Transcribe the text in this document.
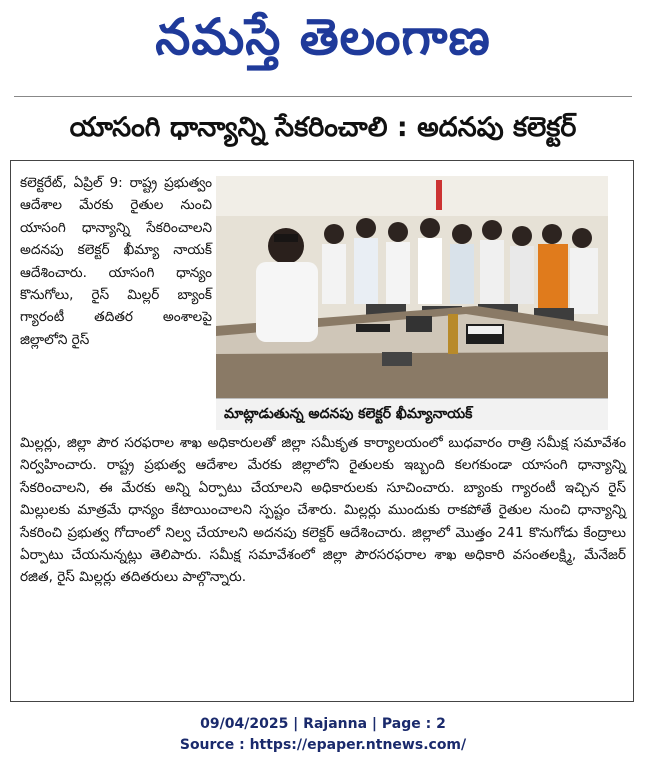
నమస్తే తెలంగాణ
యాసంగి ధాన్యాన్ని సేకరించాలి : అదనపు కలెక్టర్

కలెక్టరేట్, ఏప్రిల్ 9: రాష్ట్ర ప్రభుత్వం ఆదేశాల మేరకు రైతుల నుంచి యాసంగి ధాన్యాన్ని సేకరించాలని అదనపు కలెక్టర్ ఖీమ్యా నాయక్ ఆదేశించారు. యాసంగి ధాన్యం కొనుగోలు, రైస్ మిల్లర్ బ్యాంక్ గ్యారంటీ తదితర అంశాలపై జిల్లాలోని రైస్

మాట్లాడుతున్న అదనపు కలెక్టర్ ఖీమ్యానాయక్

మిల్లర్లు, జిల్లా పౌర సరఫరాల శాఖ అధికారులతో జిల్లా సమీకృత కార్యాలయంలో బుధవారం రాత్రి సమీక్ష సమావేశం నిర్వహించారు. రాష్ట్ర ప్రభుత్వ ఆదేశాల మేరకు జిల్లాలోని రైతులకు ఇబ్బంది కలగకుండా యాసంగి ధాన్యాన్ని సేకరించాలని, ఈ మేరకు అన్ని ఏర్పాటు చేయాలని అధికారులకు సూచించారు. బ్యాంకు గ్యారంటీ ఇచ్చిన రైస్ మిల్లులకు మాత్రమే ధాన్యం కేటాయించాలని స్పష్టం చేశారు. మిల్లర్లు ముందుకు రాకపోతే రైతుల నుంచి ధాన్యాన్ని సేకరించి ప్రభుత్వ గోదాంలో నిల్వ చేయాలని అదనపు కలెక్టర్ ఆదేశించారు. జిల్లాలో మొత్తం 241 కొనుగోడు కేంద్రాలు ఏర్పాటు చేయనున్నట్లు తెలిపారు. సమీక్ష సమావేశంలో జిల్లా పౌరసరఫరాల శాఖ అధికారి వసంతలక్ష్మి, మేనేజర్ రజిత, రైస్ మిల్లర్లు తదితరులు పాల్గొన్నారు.

09/04/2025 | Rajanna | Page : 2
Source : https://epaper.ntnews.com/
